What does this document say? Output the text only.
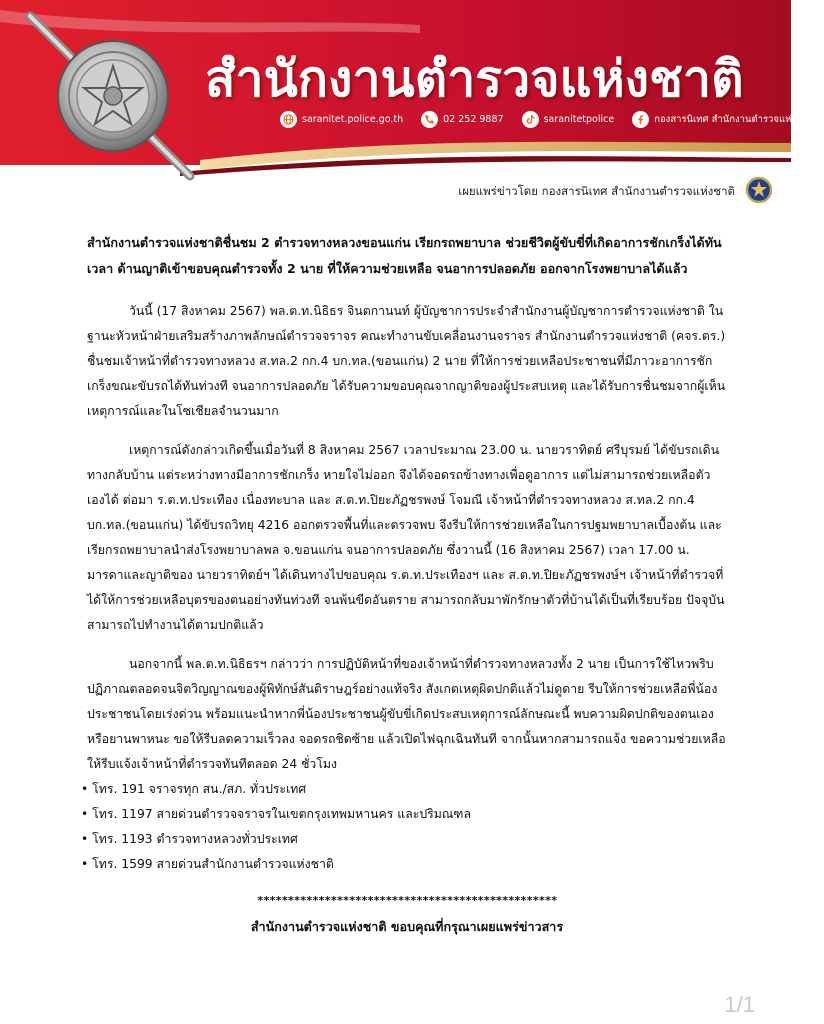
สำนักงานตำรวจแห่งชาติ
saranitet.police.go.th	02 252 9887	saranitetpolice	กองสารนิเทศ สำนักงานตำรวจแห่งชาติ
เผยแพร่ข่าวโดย กองสารนิเทศ สำนักงานตำรวจแห่งชาติ
สำนักงานตำรวจแห่งชาติชื่นชม 2 ตำรวจทางหลวงขอนแก่น เรียกรถพยาบาล ช่วยชีวิตผู้ขับขี่ที่เกิดอาการชักเกร็งได้ทันเวลา ด้านญาติเข้าขอบคุณตำรวจทั้ง 2 นาย ที่ให้ความช่วยเหลือ จนอาการปลอดภัย ออกจากโรงพยาบาลได้แล้ว

วันนี้ (17 สิงหาคม 2567) พล.ต.ท.นิธิธร จินตกานนท์ ผู้บัญชาการประจำสำนักงานผู้บัญชาการตำรวจแห่งชาติ ในฐานะหัวหน้าฝ่ายเสริมสร้างภาพลักษณ์ตำรวจจราจร คณะทำงานขับเคลื่อนงานจราจร สำนักงานตำรวจแห่งชาติ (คจร.ตร.) ชื่นชมเจ้าหน้าที่ตำรวจทางหลวง ส.ทล.2 กก.4 บก.ทล.(ขอนแก่น) 2 นาย ที่ให้การช่วยเหลือประชาชนที่มีภาวะอาการชักเกร็งขณะขับรถได้ทันท่วงที จนอาการปลอดภัย ได้รับความขอบคุณจากญาติของผู้ประสบเหตุ และได้รับการชื่นชมจากผู้เห็นเหตุการณ์และในโซเชียลจำนวนมาก

เหตุการณ์ดังกล่าวเกิดขึ้นเมื่อวันที่ 8 สิงหาคม 2567 เวลาประมาณ 23.00 น. นายวราทิตย์ ศรีบุรมย์ ได้ขับรถเดินทางกลับบ้าน แต่ระหว่างทางมีอาการชักเกร็ง หายใจไม่ออก จึงได้จอดรถข้างทางเพื่อดูอาการ แต่ไม่สามารถช่วยเหลือตัวเองได้ ต่อมา ร.ต.ท.ประเทือง เนื่องทะบาล และ ส.ต.ท.ปิยะภัฏชรพงษ์ โจมณี เจ้าหน้าที่ตำรวจทางหลวง ส.ทล.2 กก.4 บก.ทล.(ขอนแก่น) ได้ขับรถวิทยุ 4216 ออกตรวจพื้นที่และตรวจพบ จึงรีบให้การช่วยเหลือในการปฐมพยาบาลเบื้องต้น และเรียกรถพยาบาลนำส่งโรงพยาบาลพล จ.ขอนแก่น จนอาการปลอดภัย ซึ่งวานนี้ (16 สิงหาคม 2567) เวลา 17.00 น. มารดาและญาติของ นายวราทิตย์ฯ ได้เดินทางไปขอบคุณ ร.ต.ท.ประเทืองฯ และ ส.ต.ท.ปิยะภัฏชรพงษ์ฯ เจ้าหน้าที่ตำรวจที่ได้ให้การช่วยเหลือบุตรของตนอย่างทันท่วงที จนพ้นขีดอันตราย สามารถกลับมาพักรักษาตัวที่บ้านได้เป็นที่เรียบร้อย ปัจจุบันสามารถไปทำงานได้ตามปกติแล้ว

นอกจากนี้ พล.ต.ท.นิธิธรฯ กล่าวว่า การปฏิบัติหน้าที่ของเจ้าหน้าที่ตำรวจทางหลวงทั้ง 2 นาย เป็นการใช้ไหวพริบปฏิภาณตลอดจนจิตวิญญาณของผู้พิทักษ์สันติราษฎร์อย่างแท้จริง สังเกตเหตุผิดปกติแล้วไม่ดูดาย รีบให้การช่วยเหลือพี่น้องประชาชนโดยเร่งด่วน พร้อมแนะนำหากพี่น้องประชาชนผู้ขับขี่เกิดประสบเหตุการณ์ลักษณะนี้ พบความผิดปกติของตนเองหรือยานพาหนะ ขอให้รีบลดความเร็วลง จอดรถชิดซ้าย แล้วเปิดไฟฉุกเฉินทันที จากนั้นหากสามารถแจ้ง ขอความช่วยเหลือ ให้รีบแจ้งเจ้าหน้าที่ตำรวจทันทีตลอด 24 ชั่วโมง

• โทร. 191 จราจรทุก สน./สภ. ทั่วประเทศ
• โทร. 1197 สายด่วนตำรวจจราจรในเขตกรุงเทพมหานคร และปริมณฑล
• โทร. 1193 ตำรวจทางหลวงทั่วประเทศ
• โทร. 1599 สายด่วนสำนักงานตำรวจแห่งชาติ
*************************************************
สำนักงานตำรวจแห่งชาติ ขอบคุณที่กรุณาเผยแพร่ข่าวสาร
1/1
